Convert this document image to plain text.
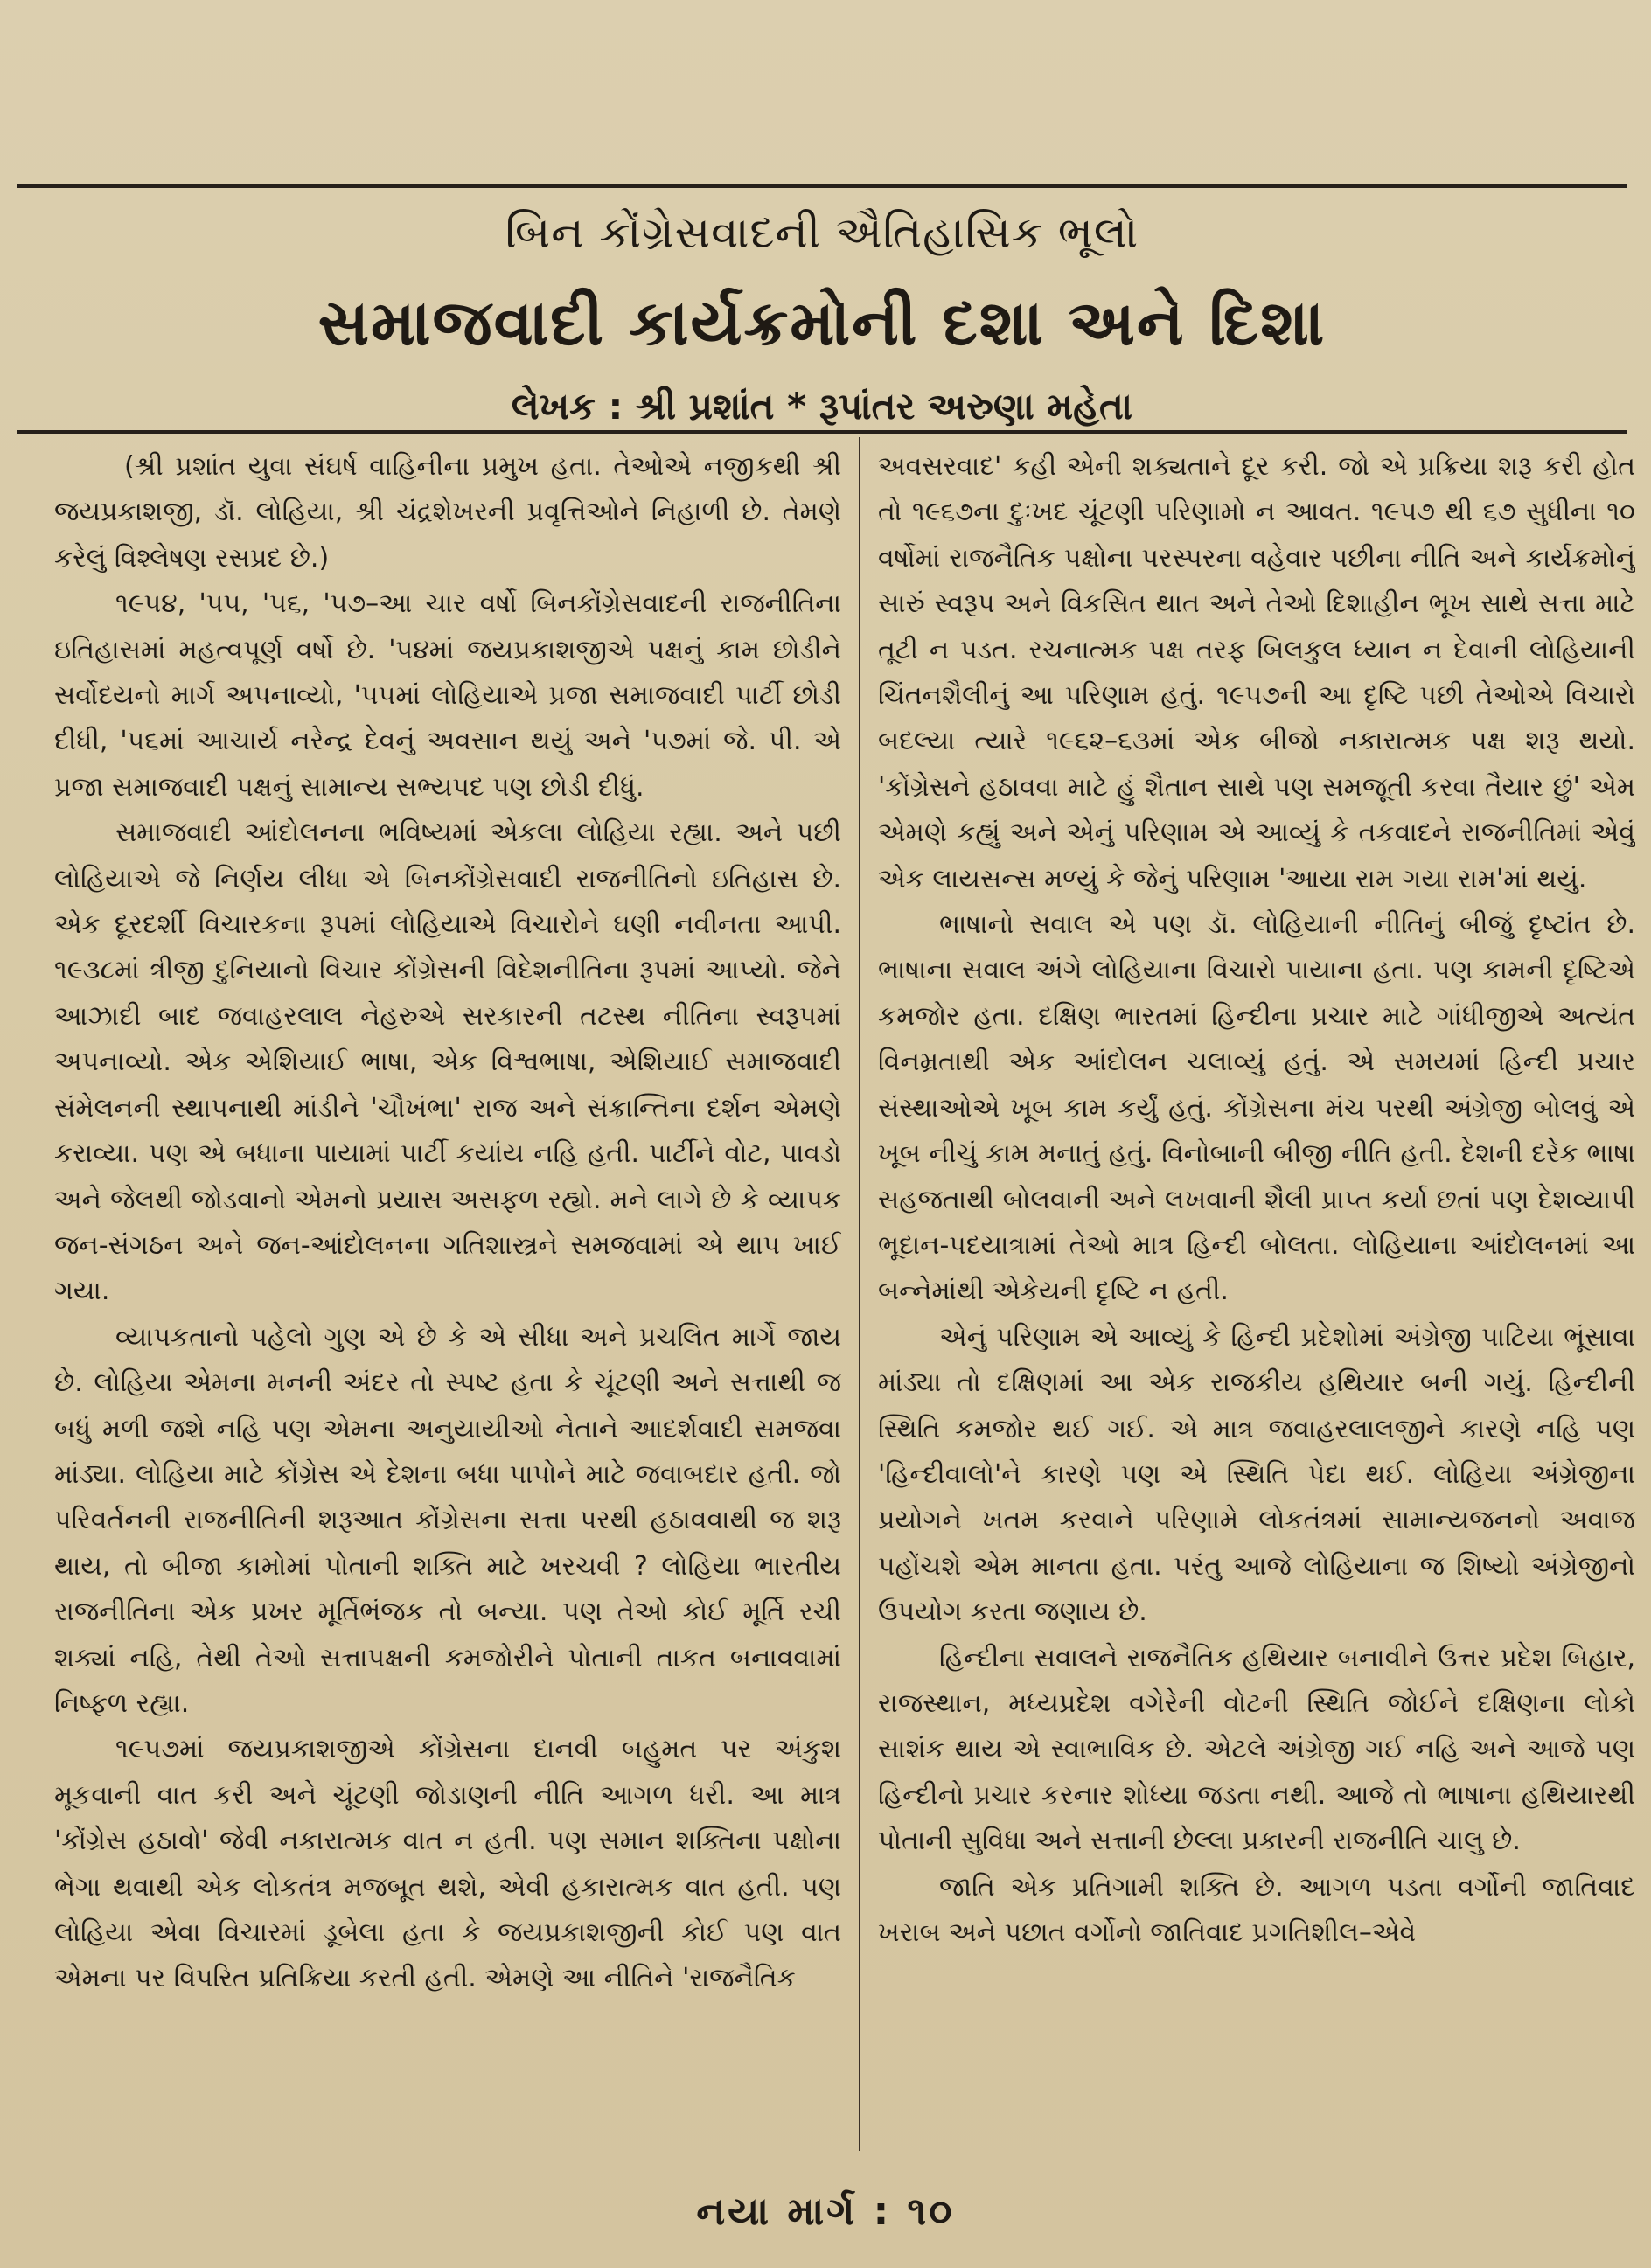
બિન કોંગ્રેસવાદની ઐતિહાસિક ભૂલો
સમાજવાદી કાર્યક્રમોની દશા અને દિશા
લેખક : શ્રી પ્રશાંત * રૂપાંતર અરુણા મહેતા

(શ્રી પ્રશાંત યુવા સંઘર્ષ વાહિનીના પ્રમુખ હતા. તેઓએ નજીકથી શ્રી જયપ્રકાશજી, ડૉ. લોહિયા, શ્રી ચંદ્રશેખરની પ્રવૃત્તિઓને નિહાળી છે. તેમણે કરેલું વિશ્લેષણ રસપ્રદ છે.)

૧૯૫૪, '૫૫, '૫૬, '૫૭–આ ચાર વર્ષો બિનકોંગ્રેસવાદની રાજનીતિના ઇતિહાસમાં મહત્વપૂર્ણ વર્ષો છે. '૫૪માં જયપ્રકાશજીએ પક્ષનું કામ છોડીને સર્વોદયનો માર્ગ અપનાવ્યો, '૫૫માં લોહિયાએ પ્રજા સમાજવાદી પાર્ટી છોડી દીધી, '૫૬માં આચાર્ય નરેન્દ્ર દેવનું અવસાન થયું અને '૫૭માં જે. પી. એ પ્રજા સમાજવાદી પક્ષનું સામાન્ય સભ્યપદ પણ છોડી દીધું.

સમાજવાદી આંદોલનના ભવિષ્યમાં એકલા લોહિયા રહ્યા. અને પછી લોહિયાએ જે નિર્ણય લીધા એ બિનકોંગ્રેસવાદી રાજનીતિનો ઇતિહાસ છે. એક દૂરદર્શી વિચારકના રૂપમાં લોહિયાએ વિચારોને ઘણી નવીનતા આપી. ૧૯૩૮માં ત્રીજી દુનિયાનો વિચાર કોંગ્રેસની વિદેશનીતિના રૂપમાં આપ્યો. જેને આઝાદી બાદ જવાહરલાલ નેહરુએ સરકારની તટસ્થ નીતિના સ્વરૂપમાં અપનાવ્યો. એક એશિયાઈ ભાષા, એક વિશ્વભાષા, એશિયાઈ સમાજવાદી સંમેલનની સ્થાપનાથી માંડીને 'ચૌખંભા' રાજ અને સંક્રાન્તિના દર્શન એમણે કરાવ્યા. પણ એ બધાના પાયામાં પાર્ટી કયાંય નહિ હતી. પાર્ટીને વોટ, પાવડો અને જેલથી જોડવાનો એમનો પ્રયાસ અસફળ રહ્યો. મને લાગે છે કે વ્યાપક જન-સંગઠન અને જન-આંદોલનના ગતિશાસ્ત્રને સમજવામાં એ થાપ ખાઈ ગયા.

વ્યાપકતાનો પહેલો ગુણ એ છે કે એ સીધા અને પ્રચલિત માર્ગે જાય છે. લોહિયા એમના મનની અંદર તો સ્પષ્ટ હતા કે ચૂંટણી અને સત્તાથી જ બધું મળી જશે નહિ પણ એમના અનુયાયીઓ નેતાને આદર્શવાદી સમજવા માંડ્યા. લોહિયા માટે કોંગ્રેસ એ દેશના બધા પાપોને માટે જવાબદાર હતી. જો પરિવર્તનની રાજનીતિની શરૂઆત કોંગ્રેસના સત્તા પરથી હઠાવવાથી જ શરૂ થાય, તો બીજા કામોમાં પોતાની શક્તિ માટે ખરચવી ? લોહિયા ભારતીય રાજનીતિના એક પ્રખર મૂર્તિભંજક તો બન્યા. પણ તેઓ કોઈ મૂર્તિ રચી શક્યાં નહિ, તેથી તેઓ સત્તાપક્ષની કમજોરીને પોતાની તાકત બનાવવામાં નિષ્ફળ રહ્યા.

૧૯૫૭માં જયપ્રકાશજીએ કોંગ્રેસના દાનવી બહુમત પર અંકુશ મૂકવાની વાત કરી અને ચૂંટણી જોડાણની નીતિ આગળ ધરી. આ માત્ર 'કોંગ્રેસ હઠાવો' જેવી નકારાત્મક વાત ન હતી. પણ સમાન શક્તિના પક્ષોના ભેગા થવાથી એક લોકતંત્ર મજબૂત થશે, એવી હકારાત્મક વાત હતી. પણ લોહિયા એવા વિચારમાં ડૂબેલા હતા કે જયપ્રકાશજીની કોઈ પણ વાત એમના પર વિપરિત પ્રતિક્રિયા કરતી હતી. એમણે આ નીતિને 'રાજનૈતિક

અવસરવાદ' કહી એની શક્યતાને દૂર કરી. જો એ પ્રક્રિયા શરૂ કરી હોત તો ૧૯૬૭ના દુઃખદ ચૂંટણી પરિણામો ન આવત. ૧૯૫૭ થી ૬૭ સુધીના ૧૦ વર્ષોમાં રાજનૈતિક પક્ષોના પરસ્પરના વહેવાર પછીના નીતિ અને કાર્યક્રમોનું સારું સ્વરૂપ અને વિકસિત થાત અને તેઓ દિશાહીન ભૂખ સાથે સત્તા માટે તૂટી ન પડત. રચનાત્મક પક્ષ તરફ બિલકુલ ધ્યાન ન દેવાની લોહિયાની ચિંતનશૈલીનું આ પરિણામ હતું. ૧૯૫૭ની આ દૃષ્ટિ પછી તેઓએ વિચારો બદલ્યા ત્યારે ૧૯૬૨–૬૩માં એક બીજો નકારાત્મક પક્ષ શરૂ થયો. 'કોંગ્રેસને હઠાવવા માટે હું શૈતાન સાથે પણ સમજૂતી કરવા તૈયાર છું' એમ એમણે કહ્યું અને એનું પરિણામ એ આવ્યું કે તકવાદને રાજનીતિમાં એવું એક લાયસન્સ મળ્યું કે જેનું પરિણામ 'આયા રામ ગયા રામ'માં થયું.

ભાષાનો સવાલ એ પણ ડૉ. લોહિયાની નીતિનું બીજું દૃષ્ટાંત છે. ભાષાના સવાલ અંગે લોહિયાના વિચારો પાયાના હતા. પણ કામની દૃષ્ટિએ કમજોર હતા. દક્ષિણ ભારતમાં હિન્દીના પ્રચાર માટે ગાંધીજીએ અત્યંત વિનમ્રતાથી એક આંદોલન ચલાવ્યું હતું. એ સમયમાં હિન્દી પ્રચાર સંસ્થાઓએ ખૂબ કામ કર્યું હતું. કોંગ્રેસના મંચ પરથી અંગ્રેજી બોલવું એ ખૂબ નીચું કામ મનાતું હતું. વિનોબાની બીજી નીતિ હતી. દેશની દરેક ભાષા સહજતાથી બોલવાની અને લખવાની શૈલી પ્રાપ્ત કર્યા છતાં પણ દેશવ્યાપી ભૂદાન-પદયાત્રામાં તેઓ માત્ર હિન્દી બોલતા. લોહિયાના આંદોલનમાં આ બન્નેમાંથી એકેયની દૃષ્ટિ ન હતી.

એનું પરિણામ એ આવ્યું કે હિન્દી પ્રદેશોમાં અંગ્રેજી પાટિયા ભૂંસાવા માંડ્યા તો દક્ષિણમાં આ એક રાજકીય હથિયાર બની ગયું. હિન્દીની સ્થિતિ કમજોર થઈ ગઈ. એ માત્ર જવાહરલાલજીને કારણે નહિ પણ 'હિન્દીવાલો'ને કારણે પણ એ સ્થિતિ પેદા થઈ. લોહિયા અંગ્રેજીના પ્રયોગને ખતમ કરવાને પરિણામે લોકતંત્રમાં સામાન્યજનનો અવાજ પહોંચશે એમ માનતા હતા. પરંતુ આજે લોહિયાના જ શિષ્યો અંગ્રેજીનો ઉપયોગ કરતા જણાય છે.

હિન્દીના સવાલને રાજનૈતિક હથિયાર બનાવીને ઉત્તર પ્રદેશ બિહાર, રાજસ્થાન, મધ્યપ્રદેશ વગેરેની વોટની સ્થિતિ જોઈને દક્ષિણના લોકો સાશંક થાય એ સ્વાભાવિક છે. એટલે અંગ્રેજી ગઈ નહિ અને આજે પણ હિન્દીનો પ્રચાર કરનાર શોધ્યા જડતા નથી. આજે તો ભાષાના હથિયારથી પોતાની સુવિધા અને સત્તાની છેલ્લા પ્રકારની રાજનીતિ ચાલુ છે.

જાતિ એક પ્રતિગામી શક્તિ છે. આગળ પડતા વર્ગોની જાતિવાદ ખરાબ અને પછાત વર્ગોનો જાતિવાદ પ્રગતિશીલ–એવે

નયા માર્ગ : ૧૦
